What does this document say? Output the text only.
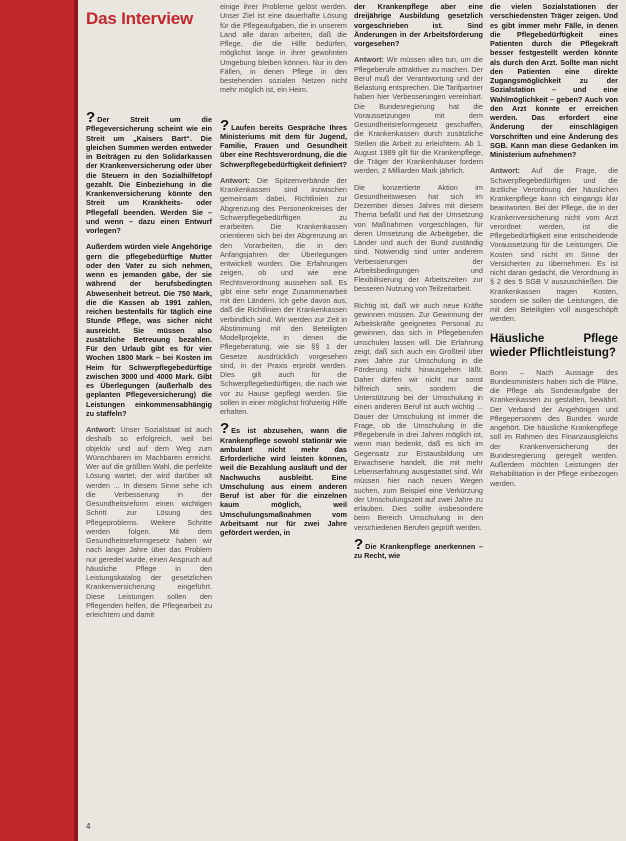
Das Interview

? Der Streit um die Pflegeversicherung scheint wie ein Streit um „Kaisers Bart“. Die gleichen Summen werden entweder in Beiträgen zu den Solidarkassen der Krankenversicherung oder über die Steuern in den Sozialhilfetopf gezahlt. Die Einbeziehung in die Krankenversicherung könnte den Streit um Krankheits- oder Pflegefall beenden. Werden Sie – und wenn – dazu einen Entwurf vorlegen?

Außerdem würden viele Angehörige gern die pflegebedürftige Mutter oder den Vater zu sich nehmen, wenn es jemanden gäbe, der sie während der berufsbedingten Abwesenheit betreut. Die 750 Mark, die die Kassen ab 1991 zahlen, reichen bestenfalls für täglich eine Stunde Pflege, was sicher nicht ausreicht. Sie müssen also zusätzliche Betreuung bezahlen. Für den Urlaub gibt es für vier Wochen 1800 Mark – bei Kosten im Heim für Schwerpflegebedürftige zwischen 3000 und 4000 Mark. Gibt es Überlegungen (außerhalb des geplanten Pflegeversicherung) die Leistungen einkommensabhängig zu staffeln?

Antwort: Unser Sozialstaat ist auch deshalb so erfolgreich, weil bei objektiv und auf dem Weg zum Wünschbaren im Machbaren erreicht. Wer auf die größten Wahl, die perfekte Lösung wartet, der wird darüber alt werden ... In diesem Sinne sehe ich die Verbesserung in der Gesundheitsreform einen wichtigen Schritt zur Lösung des Pflegeproblems. Weitere Schritte werden folgen. Mit dem Gesundheitsreformgesetz haben wir nach langer Jahre über das Problem nur geredet wurde, einen Anspruch auf häusliche Pflege in den Leistungskatalog der gesetzlichen Krankenversicherung eingeführt. Diese Leistungen sollen den Pflegenden helfen, die Pflegearbeit zu erleichtern und damit

einige ihrer Probleme gelöst werden. Unser Ziel ist eine dauerhafte Lösung für die Pflegeaufgaben, die in unserem Land alle daran arbeiten, daß die Pflege, die die Hilfe bedürfen, möglichst lange in ihrer gewohnten Umgebung bleiben können. Nur in den Fällen, in denen Pflege in den bestehenden sozialen Netzen nicht mehr möglich ist, ein Heim.

? Laufen bereits Gespräche Ihres Ministeriums mit dem für Jugend, Familie, Frauen und Gesundheit über eine Rechtsverordnung, die die Schwerpflegebedürftigkeit definiert?

Antwort: Die Spitzenverbände der Krankenkassen sind inzwischen gemeinsam dabei, Richtlinien zur Abgrenzung des Personenkreises der Schwerpflegebedürftigen zu erarbeiten. Die Krankenkassen orientieren sich bei der Abgrenzung an den Vorarbeiten, die in den Anfangsjahren der Überlegungen entwickelt wurden. Die Erfahrungen zeigen, ob und wie eine Rechtsverordnung aussehen soll. Es gibt eine sehr enge Zusammenarbeit mit den Ländern. Ich gehe davon aus, daß die Richtlinien der Krankenkassen verbindlich sind. Wir werden zur Zeit in Abstimmung mit den Beteiligten Modellprojekte, in denen die Pflegeberatung, wie sie §§ 1 der Gesetze ausdrücklich vorgesehen sind, in der Praxis erprobt werden. Dies gilt auch für die Schwerpflegebedürftigen, die nach wie vor zu Hause gepflegt werden. Sie sollen in einer möglichst frühzeitig Hilfe erhalten.

? Es ist abzusehen, wann die Krankenpflege sowohl stationär wie ambulant nicht mehr das Erforderliche wird leisten können, weil die Bezahlung ausläuft und der Nachwuchs ausbleibt. Eine Umschulung aus einem anderen Beruf ist aber für die einzelnen kaum möglich, weil Umschulungsmaßnahmen vom Arbeitsamt nur für zwei Jahre gefördert werden, in

der Krankenpflege aber eine dreijährige Ausbildung gesetzlich vorgeschrieben ist. Sind Änderungen in der Arbeitsförderung vorgesehen?

Antwort: Wir müssen alles tun, um die Pflegeberufe attraktiver zu machen. Der Beruf muß der Verantwortung und der Belastung entsprechen. Die Tarifpartner haben hier Verbesserungen vereinbart. Die Bundesregierung hat die Voraussetzungen mit dem Gesundheitsreformgesetz geschaffen, die Krankenkassen durch zusätzliche Stellen die Arbeit zu erleichtern. Ab 1. August 1989 gilt für die Krankenpflege, die Träger der Krankenhäuser fordern werden, 2 Milliarden Mark jährlich.

Die konzertierte Aktion im Gesundheitswesen hat sich im Dezember dieses Jahres mit diesem Thema befaßt und hat der Umsetzung von Maßnahmen vorgeschlagen, für deren Umsetzung die Arbeitgeber, die Länder und auch der Bund zuständig sind. Notwendig sind unter anderem Verbesserungen der Arbeitsbedingungen und Flexibilisierung der Arbeitszeiten zur besseren Nutzung von Teilzeitarbeit.

Richtig ist, daß wir auch neue Kräfte gewinnen müssen. Zur Gewinnung der Arbeitskräfte geeignetes Personal zu gewinnen, das sich in Pflegeberufen umschulen lassen will. Die Erfahrung zeigt, daß sich auch ein Großteil über zwei Jahre zur Umschulung in die Förderung nicht hinausgehen läßt. Daher dürfen wir nicht nur sonst hilfreich sein, sondern die Unterstützung bei der Umschulung in einen anderen Beruf ist auch wichtig ... Dauer der Umschulung ist immer die Frage, ob die Umschulung in die Pflegeberufe in drei Jahren möglich ist, wenn man bedenkt, daß es sich im Gegensatz zur Erstausbildung um Erwachsene handelt, die mit mehr Lebenserfahrung ausgestattet sind. Wir müssen hier nach neuen Wegen suchen, zum Beispiel eine Verkürzung der Umschulungszeit auf zwei Jahre zu erlauben. Dies sollte insbesondere beim Bereich Umschulung in den verschiedenen Berufen geprüft werden.

? Die Krankenpflege anerkennen – zu Recht, wie

die vielen Sozialstationen der verschiedensten Träger zeigen. Und es gibt immer mehr Fälle, in denen die Pflegebedürftigkeit eines Patienten durch die Pflegekraft besser festgestellt werden könnte als durch den Arzt. Sollte man nicht den Patienten eine direkte Zugangsmöglichkeit zu der Sozialstation – und eine Wahlmöglichkeit – geben? Auch von den Arzt konnte er erreichen werden. Das erfordert eine Änderung der einschlägigen Vorschriften und eine Änderung des SGB. Kann man diese Gedanken im Ministerium aufnehmen?

Antwort: Auf die Frage, die Schwerpflegebedürftigen und die ärztliche Verordnung der häuslichen Krankenpflege kann ich eingangs klar beantworten. Bei der Pflege, die in der Krankenversicherung nicht vom Arzt verordnet werden, ist die Pflegebedürftigkeit eine entscheidende Voraussetzung für die Leistungen. Die Kosten sind nicht im Sinne der Versicherten zu übernehmen. Es ist nicht daran gedacht, die Verordnung in § 2 des 5 SGB V auszuschließen. Die Krankenkassen tragen Kosten, sondern sie sollen die Leistungen, die mit den Beteiligten voll ausgeschöpft werden.

Häusliche Pflege wieder Pflichtleistung?

Bonn – Nach Aussage des Bundesministers haben sich die Pläne, die Pflege als Sonderaufgabe der Krankenkassen zu gestalten, bewährt. Der Verband der Angehörigen und Pflegepersonen des Bundes wurde angehört. Die häusliche Krankenpflege soll im Rahmen des Finanzausgleichs der Krankenversicherung der Bundesregierung geregelt werden. Außerdem möchten Leistungen der Rehabilitation in der Pflege einbezogen werden.

4
